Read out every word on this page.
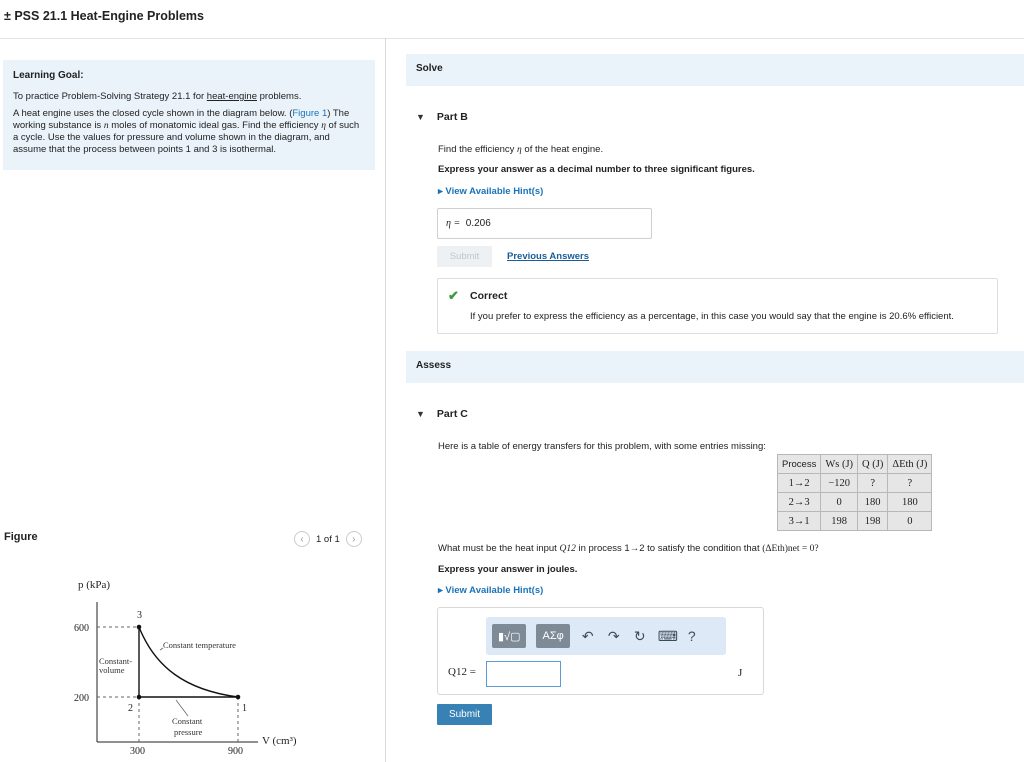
± PSS 21.1 Heat-Engine Problems
Learning Goal:

To practice Problem-Solving Strategy 21.1 for heat-engine problems.

A heat engine uses the closed cycle shown in the diagram below. (Figure 1) The working substance is n moles of monatomic ideal gas. Find the efficiency η of such a cycle. Use the values for pressure and volume shown in the diagram, and assume that the process between points 1 and 3 is isothermal.

Figure	‹	1 of 1	›
p (kPa)
600
200
300	900
V (cm³)
3
2	1
Constant temperature
Constant-
volume
Constant
pressure
Solve
▼ Part B
Find the efficiency η of the heat engine.
Express your answer as a decimal number to three significant figures.
▸ View Available Hint(s)
η = 0.206
Submit	Previous Answers
✔ Correct
If you prefer to express the efficiency as a percentage, in this case you would say that the engine is 20.6% efficient.
Assess
▼ Part C
Here is a table of energy transfers for this problem, with some entries missing:
Process	Ws (J)	Q (J)	ΔEth (J)
1→2	−120	?	?
2→3	0	180	180
3→1	198	198	0
What must be the heat input Q12 in process 1→2 to satisfy the condition that (ΔEth)net = 0?
Express your answer in joules.
▸ View Available Hint(s)
▮√▢	ΑΣφ	↶ ↷ ↻ ⌨ ?
Q12 =	J
Submit
